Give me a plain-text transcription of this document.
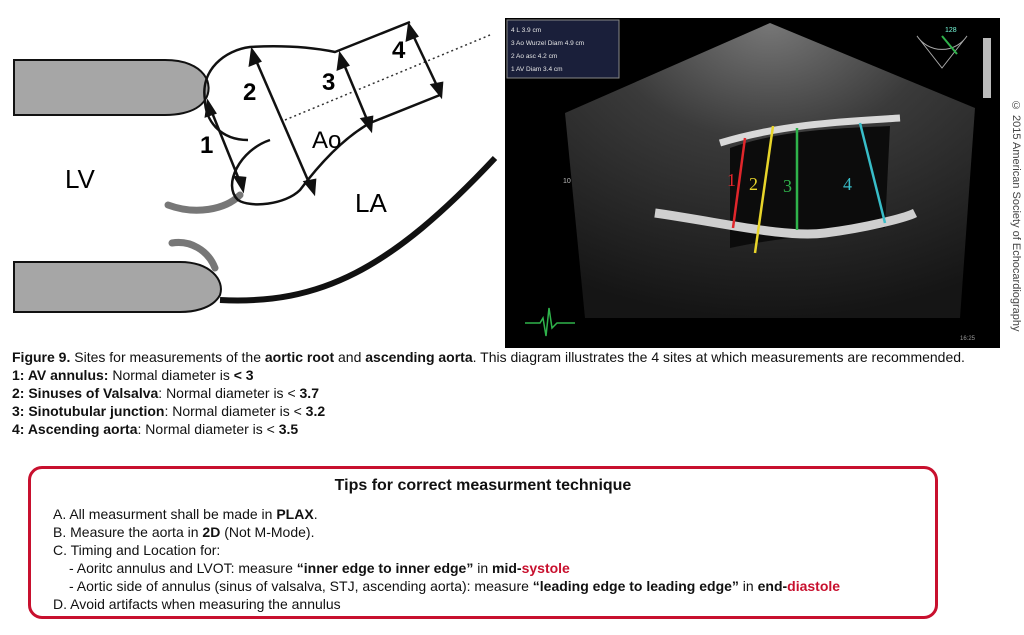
LV
LA
Ao
1
2	3
4
4 L 3.9 cm
3 Ao Wurzel Diam 4.9 cm
2 Ao asc 4.2 cm
1 AV Diam 3.4 cm
10
128
1 2 3	4
16:25
© 2015 American Society of Echocardiography

Figure 9. Sites for measurements of the aortic root and ascending aorta. This diagram illustrates the 4 sites at which measurements are recommended.

1: AV annulus: Normal diameter is < 3

2: Sinuses of Valsalva: Normal diameter is < 3.7

3: Sinotubular junction: Normal diameter is < 3.2

4: Ascending aorta: Normal diameter is < 3.5

Tips for correct measurment technique

A. All measurment shall be made in PLAX.

B. Measure the aorta in 2D (Not M-Mode).

C. Timing and Location for:

- Aoritc annulus and LVOT: measure “inner edge to inner edge” in mid-systole

- Aortic side of annulus (sinus of valsalva, STJ, ascending aorta): measure “leading edge to leading edge” in end-diastole

D. Avoid artifacts when measuring the annulus
